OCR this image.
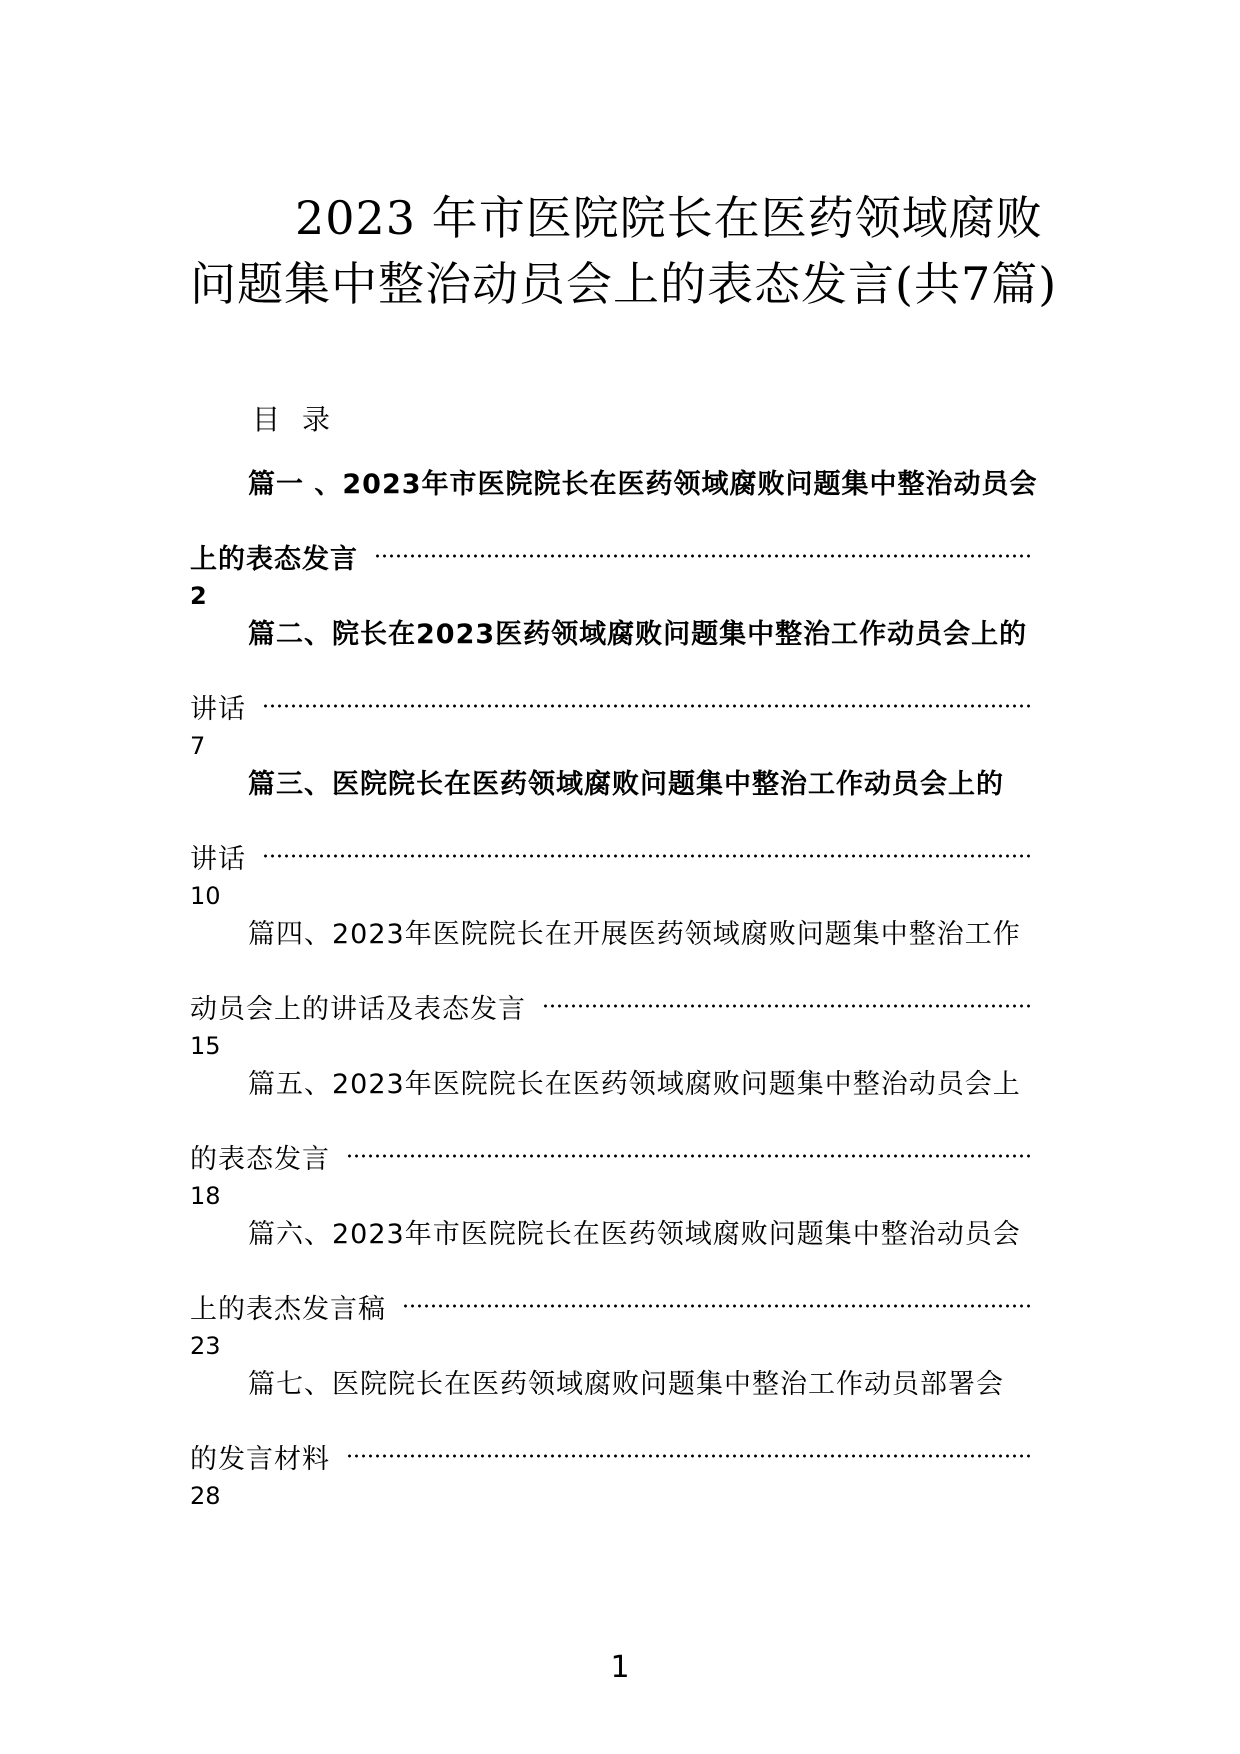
2023 年市医院院长在医药领域腐败问题集中整治动员会上的表态发言(共7篇)
目录
篇一 、2023年市医院院长在医药领域腐败问题集中整治动员会
上的表态发言
2
篇二、院长在2023医药领域腐败问题集中整治工作动员会上的
讲话
7
篇三、医院院长在医药领域腐败问题集中整治工作动员会上的
讲话
10
篇四、2023年医院院长在开展医药领域腐败问题集中整治工作
动员会上的讲话及表态发言
15
篇五、2023年医院院长在医药领域腐败问题集中整治动员会上
的表态发言
18
篇六、2023年市医院院长在医药领域腐败问题集中整治动员会
上的表杰发言稿
23
篇七、医院院长在医药领域腐败问题集中整治工作动员部署会
的发言材料
28
1
